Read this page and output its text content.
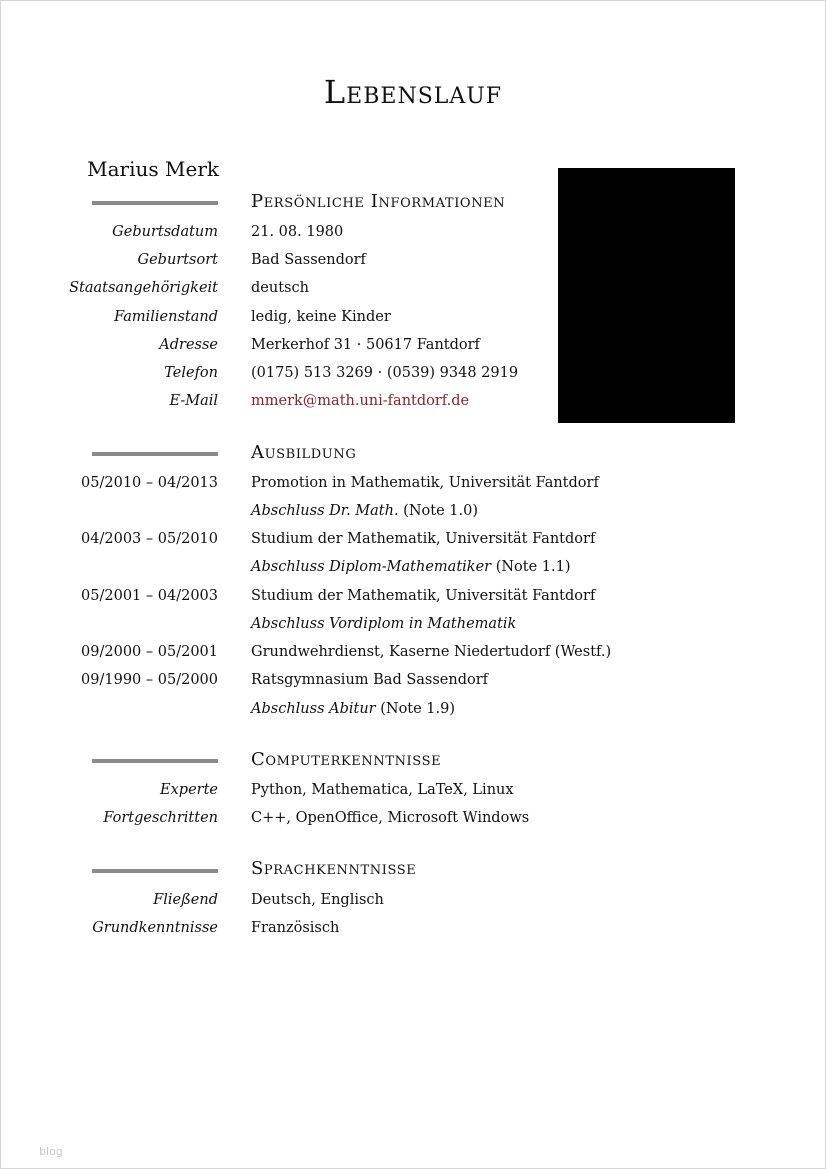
Lebenslauf
Marius Merk
Persönliche Informationen
Geburtsdatum 21. 08. 1980
Geburtsort Bad Sassendorf
Staatsangehörigkeit deutsch
Familienstand ledig, keine Kinder
Adresse Merkerhof 31 · 50617 Fantdorf
Telefon (0175) 513 3269 · (0539) 9348 2919
E-Mail mmerk@math.uni-fantdorf.de
Ausbildung
05/2010 – 04/2013 Promotion in Mathematik, Universität Fantdorf
Abschluss Dr. Math. (Note 1.0)
04/2003 – 05/2010 Studium der Mathematik, Universität Fantdorf
Abschluss Diplom-Mathematiker (Note 1.1)
05/2001 – 04/2003 Studium der Mathematik, Universität Fantdorf
Abschluss Vordiplom in Mathematik
09/2000 – 05/2001 Grundwehrdienst, Kaserne Niedertudorf (Westf.)
09/1990 – 05/2000 Ratsgymnasium Bad Sassendorf
Abschluss Abitur (Note 1.9)
Computerkenntnisse
Experte Python, Mathematica, LaTeX, Linux
Fortgeschritten C++, OpenOffice, Microsoft Windows
Sprachkenntnisse
Fließend Deutsch, Englisch
Grundkenntnisse Französisch
blog
